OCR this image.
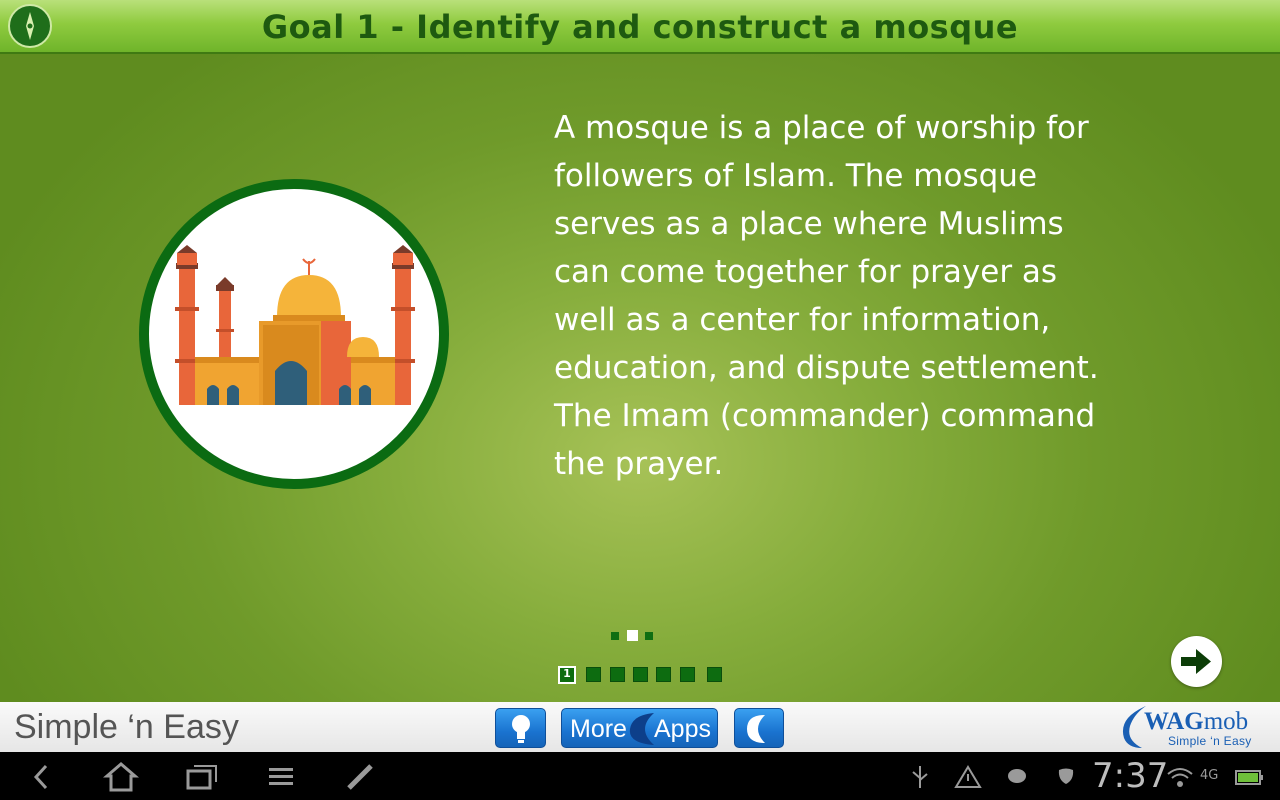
Goal 1 - Identify and construct a mosque
A mosque is a place of worship for followers of Islam. The mosque serves as a place where Muslims can come together for prayer as well as a center for information, education, and dispute settlement. The Imam (commander) command the prayer.
1
Simple ‘n Easy	More Apps	WAGmob
Simple ‘n Easy
7:37 4G
